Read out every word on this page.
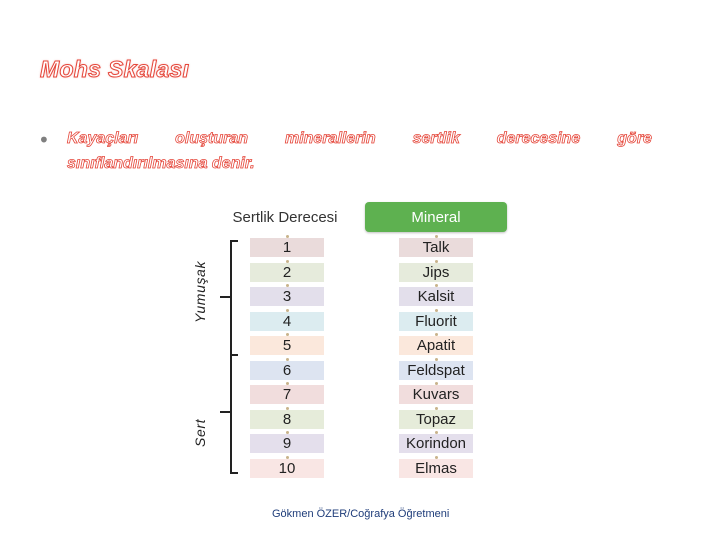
Mohs Skalası
• Kayaçları oluşturan minerallerin sertlik derecesine göre
sınıflandırılmasına denir.
Sertlik Derecesi	Mineral
1
2
3
4
5
6
7
8
9
10
Talk
Jips
Kalsit
Fluorit
Apatit
Feldspat
Kuvars
Topaz
Korindon
Elmas
Yumuşak
Sert
Gökmen ÖZER/Coğrafya Öğretmeni
